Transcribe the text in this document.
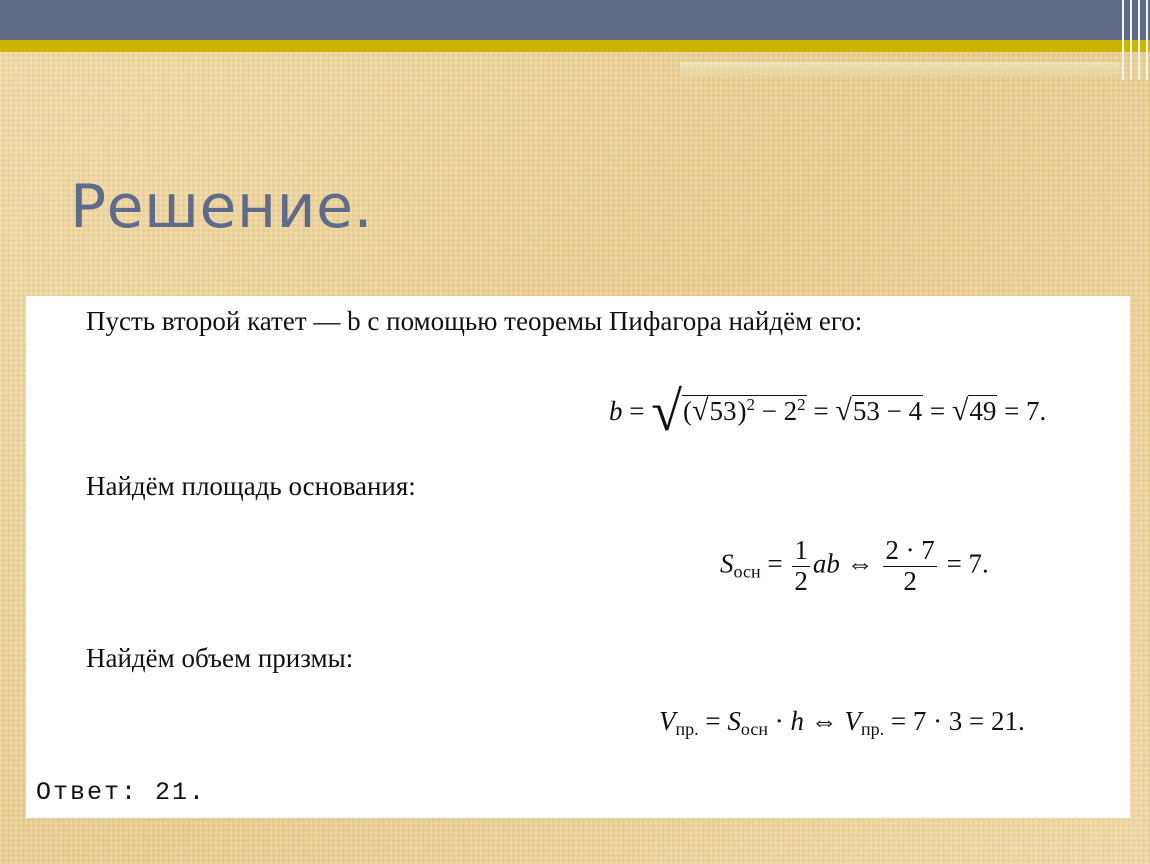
Решение.
Пусть второй катет — b с помощью теоремы Пифагора найдём его:
$b = √(√53)^2 - 2^2 = √53 - 4 = √49 = 7$.
Найдём площадь основания:
$S_{осн} = \frac{1}{2}$ ab ⇔ $\frac{2 \cdot 7}{2} = 7$.
Найдём объем призмы:
$V_{пр.} = S_{осн} \cdot h$ ⇔ $V_{пр.} = 7 \cdot 3 = 21$.
Ответ: 21.
